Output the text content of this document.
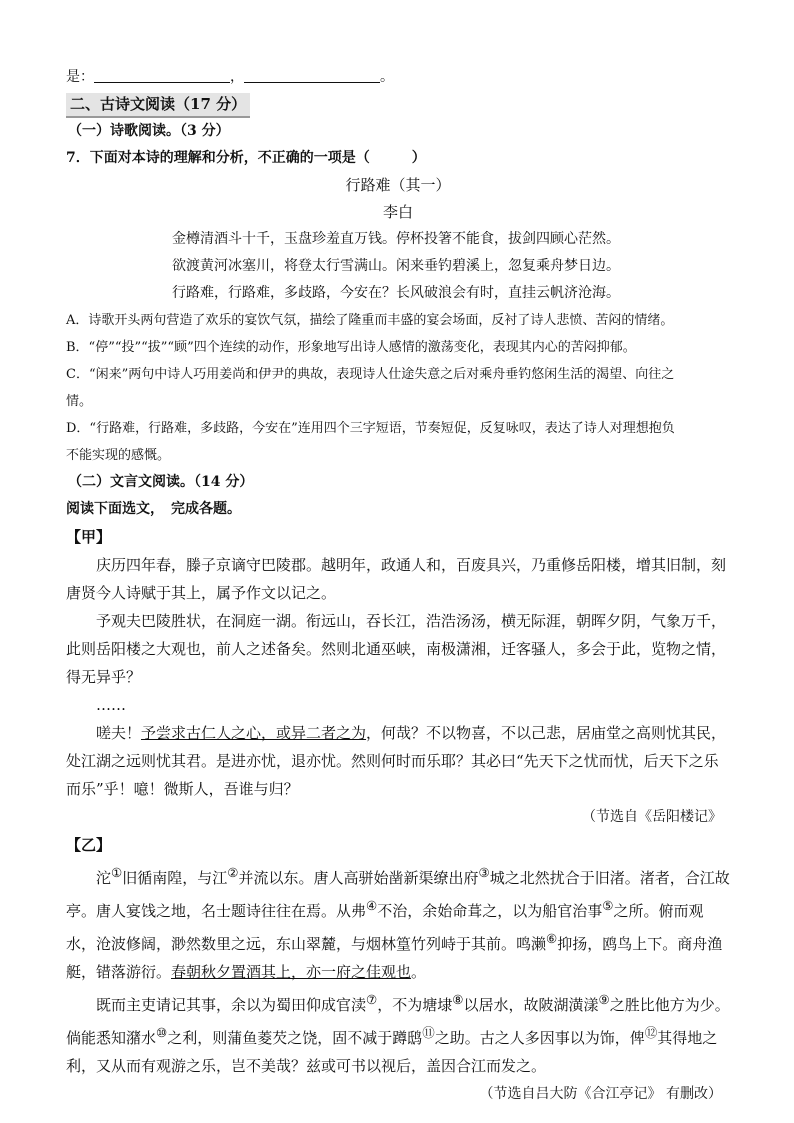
是：	，	。
二、古诗文阅读（17 分）
（一）诗歌阅读。（3 分）
7．下面对本诗的理解和分析，不正确的一项是（　　　）
行路难（其一）
李白
金樽清酒斗十千，玉盘珍羞直万钱。停杯投箸不能食，拔剑四顾心茫然。
欲渡黄河冰塞川，将登太行雪满山。闲来垂钓碧溪上，忽复乘舟梦日边。
行路难，行路难，多歧路，今安在？长风破浪会有时，直挂云帆济沧海。
A．诗歌开头两句营造了欢乐的宴饮气氛，描绘了隆重而丰盛的宴会场面，反衬了诗人悲愤、苦闷的情绪。
B．“停”“投”“拔”“顾”四个连续的动作，形象地写出诗人感情的激荡变化，表现其内心的苦闷抑郁。
C．“闲来”两句中诗人巧用姜尚和伊尹的典故，表现诗人仕途失意之后对乘舟垂钓悠闲生活的渴望、向往之
情。
D．“行路难，行路难，多歧路，今安在”连用四个三字短语，节奏短促，反复咏叹，表达了诗人对理想抱负
不能实现的感慨。
（二）文言文阅读。（14 分）
阅读下面选文，　完成各题。
【甲】
庆历四年春，滕子京谪守巴陵郡。越明年，政通人和，百废具兴，乃重修岳阳楼，增其旧制，刻唐贤今人诗赋于其上，属予作文以记之。
予观夫巴陵胜状，在洞庭一湖。衔远山，吞长江，浩浩汤汤，横无际涯，朝晖夕阴，气象万千，此则岳阳楼之大观也，前人之述备矣。然则北通巫峡，南极潇湘，迁客骚人，多会于此，览物之情，得无异乎？
……
嗟夫！予尝求古仁人之心，或异二者之为，何哉？不以物喜，不以己悲，居庙堂之高则忧其民，处江湖之远则忧其君。是进亦忧，退亦忧。然则何时而乐耶？其必曰“先天下之忧而忧，后天下之乐而乐”乎！噫！微斯人，吾谁与归？
（节选自《岳阳楼记》
【乙】
沱①旧循南隍，与江②并流以东。唐人高骈始凿新渠缭出府③城之北然扰合于旧渚。渚者，合江故亭。唐人宴饯之地，名士题诗往往在焉。从弗④不治，余始命葺之，以为船官治事⑤之所。俯而观水，沧波修阔，渺然数里之远，东山翠麓，与烟林篁竹列峙于其前。鸣濑⑥抑扬，鸥鸟上下。商舟渔艇，错落游衍。春朝秋夕置酒其上，亦一府之佳观也。
既而主吏请记其事，余以为蜀田仰成官渎⑦，不为塘埭⑧以居水，故陂湖潢漾⑨之胜比他方为少。倘能悉知潴水⑩之利，则蒲鱼菱芡之饶，固不减于蹲鸱⑪之助。古之人多因事以为饰，俾⑫其得地之利，又从而有观游之乐，岂不美哉？兹或可书以视后，盖因合江而发之。
（节选自吕大防《合江亭记》 有删改）
